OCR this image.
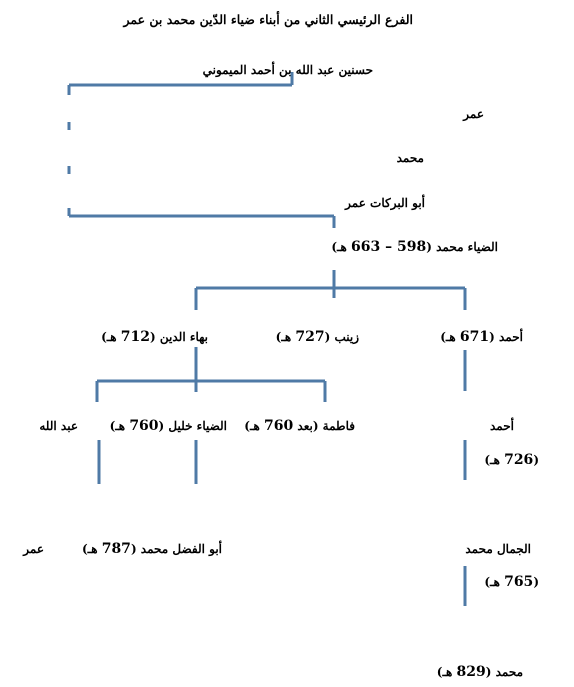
الفرع الرئيسي الثاني من أبناء ضياء الدّين محمد بن عمر
حسنين عبد الله بن أحمد الميموني
عمر
محمد
أبو البركات عمر
الضياء محمد (598 – 663 هـ)
أحمد (671 هـ)
زينب (727 هـ)
بهاء الدين (712 هـ)
أحمد
(726 هـ)
فاطمة (بعد 760 هـ)
الضياء خليل (760 هـ)
عبد الله
الجمال محمد
(765 هـ)
أبو الفضل محمد (787 هـ)
عمر
محمد (829 هـ)
